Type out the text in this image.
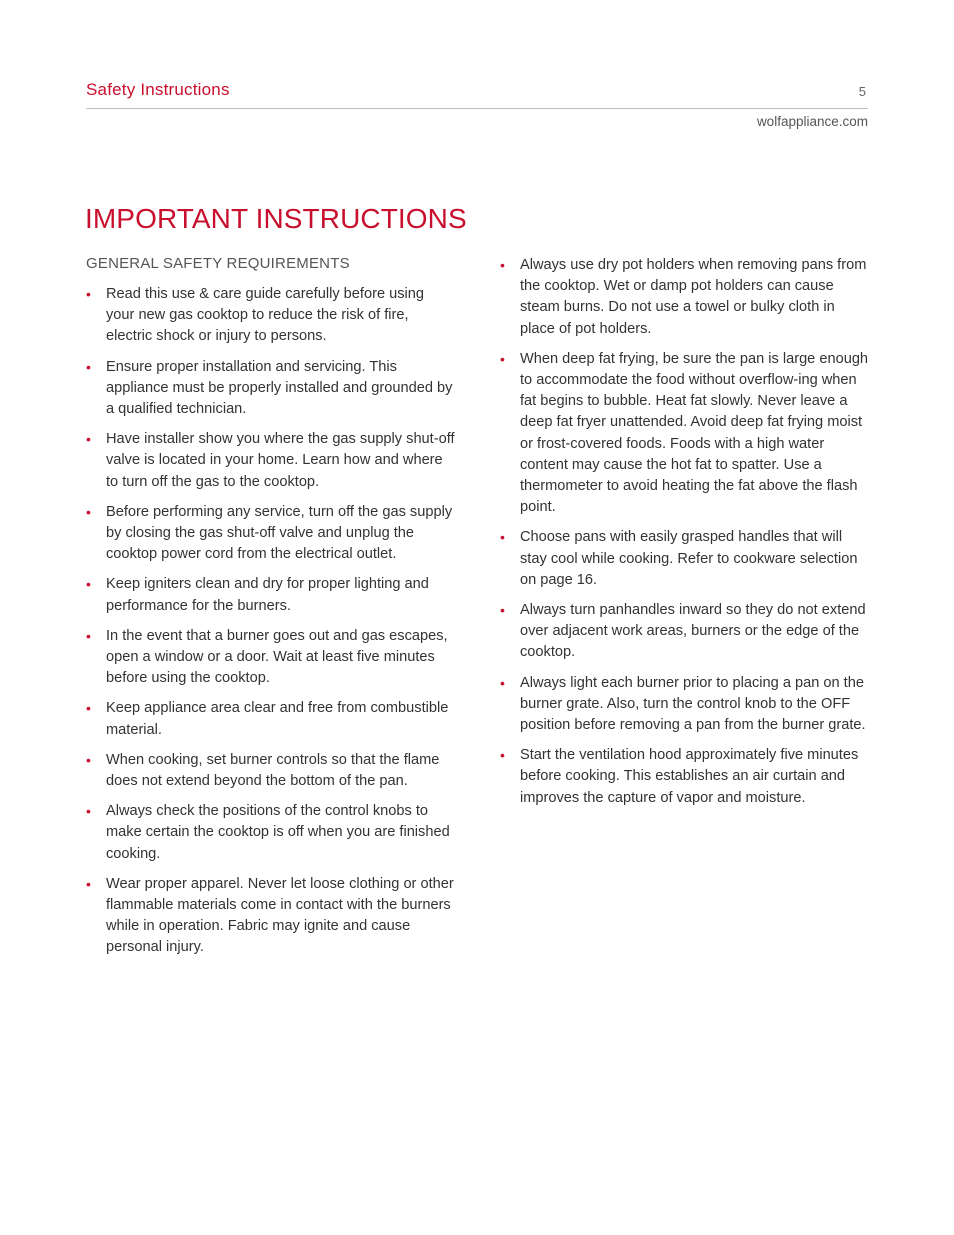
Safety Instructions	5
wolfappliance.com
IMPORTANT INSTRUCTIONS
GENERAL SAFETY REQUIREMENTS
• Read this use & care guide carefully before using your new gas cooktop to reduce the risk of fire, electric shock or injury to persons.
• Ensure proper installation and servicing. This appliance must be properly installed and grounded by a qualified technician.
• Have installer show you where the gas supply shut-off valve is located in your home. Learn how and where to turn off the gas to the cooktop.
• Before performing any service, turn off the gas supply by closing the gas shut-off valve and unplug the cooktop power cord from the electrical outlet.
• Keep igniters clean and dry for proper lighting and performance for the burners.
• In the event that a burner goes out and gas escapes, open a window or a door. Wait at least five minutes before using the cooktop.
• Keep appliance area clear and free from combustible material.
• When cooking, set burner controls so that the flame does not extend beyond the bottom of the pan.
• Always check the positions of the control knobs to make certain the cooktop is off when you are finished cooking.
• Wear proper apparel. Never let loose clothing or other flammable materials come in contact with the burners while in operation. Fabric may ignite and cause personal injury.
• Always use dry pot holders when removing pans from the cooktop. Wet or damp pot holders can cause steam burns. Do not use a towel or bulky cloth in place of pot holders.
• When deep fat frying, be sure the pan is large enough to accommodate the food without overflow-ing when fat begins to bubble. Heat fat slowly. Never leave a deep fat fryer unattended. Avoid deep fat frying moist or frost-covered foods. Foods with a high water content may cause the hot fat to spatter. Use a thermometer to avoid heating the fat above the flash point.
• Choose pans with easily grasped handles that will stay cool while cooking. Refer to cookware selection on page 16.
• Always turn panhandles inward so they do not extend over adjacent work areas, burners or the edge of the cooktop.
• Always light each burner prior to placing a pan on the burner grate. Also, turn the control knob to the OFF position before removing a pan from the burner grate.
• Start the ventilation hood approximately five minutes before cooking. This establishes an air curtain and improves the capture of vapor and moisture.
